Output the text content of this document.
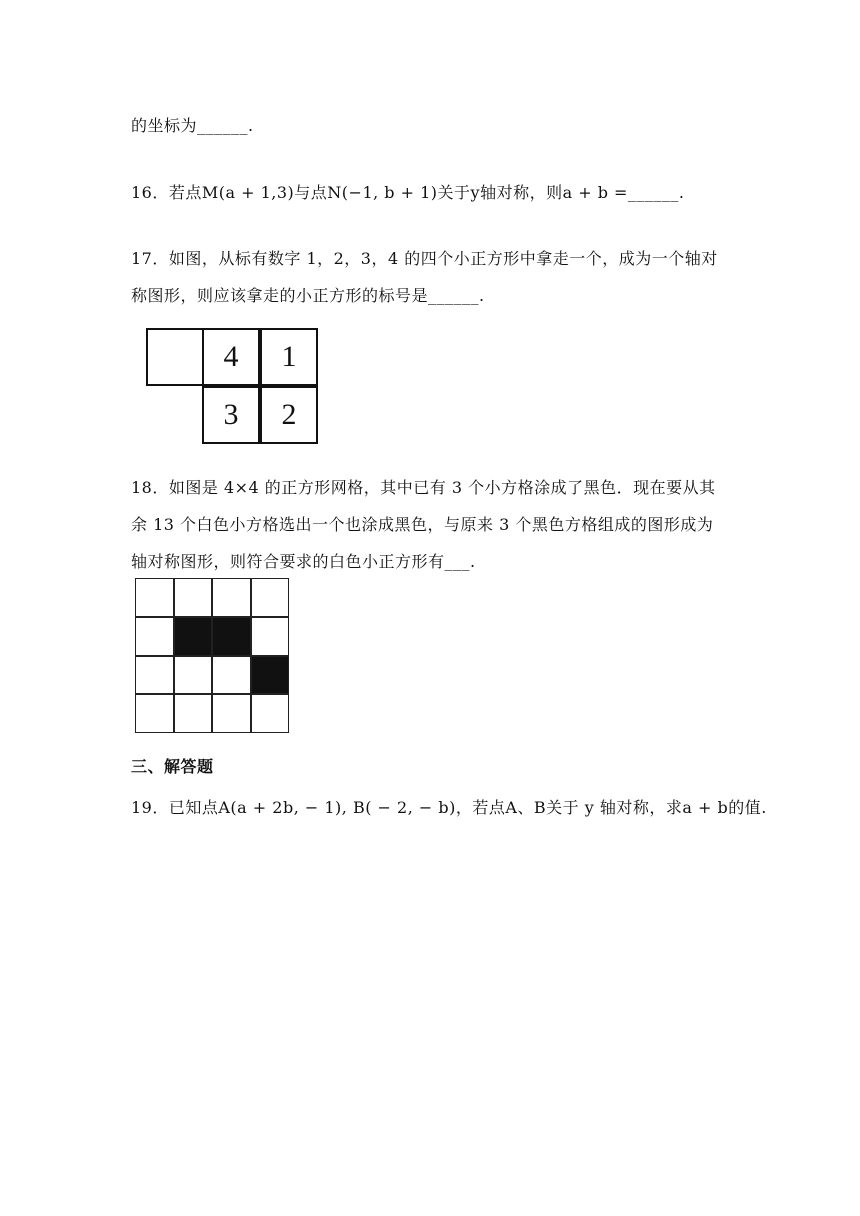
的坐标为______.
16．若点M(a + 1,3)与点N(−1, b + 1)关于y轴对称，则a + b =______.
17．如图，从标有数字 1，2，3，4 的四个小正方形中拿走一个，成为一个轴对
称图形，则应该拿走的小正方形的标号是______.
4	1
3	2
18．如图是 4×4 的正方形网格，其中已有 3 个小方格涂成了黑色．现在要从其
余 13 个白色小方格选出一个也涂成黑色，与原来 3 个黑色方格组成的图形成为
轴对称图形，则符合要求的白色小正方形有___.
三、解答题
19．已知点A(a + 2b, − 1), B( − 2, − b)，若点A、B关于 y 轴对称，求a + b的值.
